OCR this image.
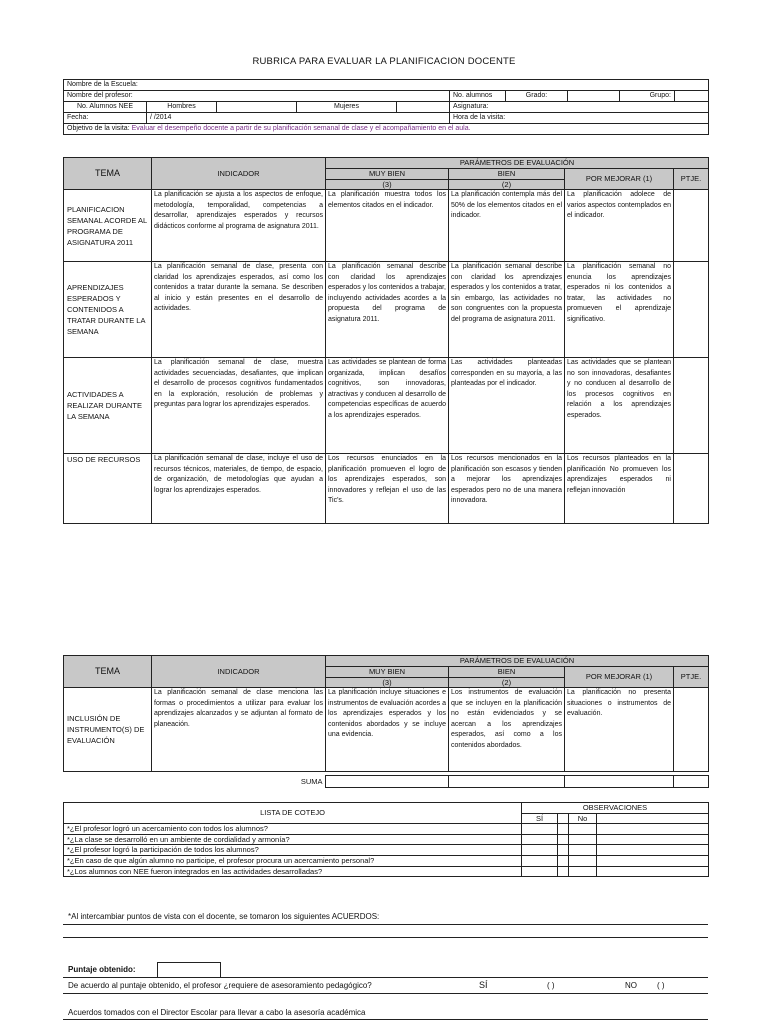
RUBRICA PARA EVALUAR LA PLANIFICACION DOCENTE
Nombre de la Escuela:									
Nombre del profesor:					No. alumnos	Grado:		Grupo:	
No. Alumnos NEE	Hombres		Mujeres		Asignatura:				
Fecha:	/ /2014				Hora de la visita:				
Objetivo de la visita: Evaluar el desempeño docente a partir de su planificación semanal de clase y el acompañamiento en el aula.									
TEMA	INDICADOR	PARÁMETROS DE EVALUACIÓN			
		MUY BIEN	BIEN	POR MEJORAR (1)	PTJE.
		(3)	(2)		
PLANIFICACION SEMANAL ACORDE AL PROGRAMA DE ASIGNATURA 2011	La planificación se ajusta a los aspectos de enfoque, metodología, temporalidad, competencias a desarrollar, aprendizajes esperados y recursos didácticos conforme al programa de asignatura 2011.	La planificación muestra todos los elementos citados en el indicador.	La planificación contempla más del 50% de los elementos citados en el indicador.	La planificación adolece de varios aspectos contemplados en el indicador.	
APRENDIZAJES ESPERADOS Y CONTENIDOS A TRATAR DURANTE LA SEMANA	La planificación semanal de clase, presenta con claridad los aprendizajes esperados, así como los contenidos a tratar durante la semana. Se describen al inicio y están presentes en el desarrollo de actividades.	La planificación semanal describe con claridad los aprendizajes esperados y los contenidos a trabajar, incluyendo actividades acordes a la propuesta del programa de asignatura 2011.	La planificación semanal describe con claridad los aprendizajes esperados y los contenidos a tratar, sin embargo, las actividades no son congruentes con la propuesta del programa de asignatura 2011.	La planificación semanal no enuncia los aprendizajes esperados ni los contenidos a tratar, las actividades no promueven el aprendizaje significativo.	
ACTIVIDADES A REALIZAR DURANTE LA SEMANA	La planificación semanal de clase, muestra actividades secuenciadas, desafiantes, que implican el desarrollo de procesos cognitivos fundamentados en la exploración, resolución de problemas y preguntas para lograr los aprendizajes esperados.	Las actividades se plantean de forma organizada, implican desafíos cognitivos, son innovadoras, atractivas y conducen al desarrollo de competencias específicas de acuerdo a los aprendizajes esperados.	Las actividades planteadas corresponden en su mayoría, a las planteadas por el indicador.	Las actividades que se plantean no son innovadoras, desafiantes y no conducen al desarrollo de los procesos cognitivos en relación a los aprendizajes esperados.	
USO DE RECURSOS	La planificación semanal de clase, incluye el uso de recursos técnicos, materiales, de tiempo, de espacio, de organización, de metodologías que ayudan a lograr los aprendizajes esperados.	Los recursos enunciados en la planificación promueven el logro de los aprendizajes esperados, son innovadores y reflejan el uso de las Tic's.	Los recursos mencionados en la planificación son escasos y tienden a mejorar los aprendizajes esperados pero no de una manera innovadora.	Los recursos planteados en la planificación No promueven los aprendizajes esperados ni reflejan innovación	
TEMA	INDICADOR	PARÁMETROS DE EVALUACIÓN			
		MUY BIEN	BIEN	POR MEJORAR (1)	PTJE.
		(3)	(2)		
INCLUSIÓN DE INSTRUMENTO(S) DE EVALUACIÓN	La planificación semanal de clase menciona las formas o procedimientos a utilizar para evaluar los aprendizajes alcanzados y se adjuntan al formato de planeación.	La planificación incluye situaciones e instrumentos de evaluación acordes a los aprendizajes esperados y los contenidos abordados y se incluye una evidencia.	Los instrumentos de evaluación que se incluyen en la planificación no están evidenciados y se acercan a los aprendizajes esperados, así como a los contenidos abordados.	La planificación no presenta situaciones o instrumentos de evaluación.	
SUMA				
LISTA DE COTEJO	OBSERVACIONES			
	SÍ		No	
*¿El profesor logró un acercamiento con todos los alumnos?				
*¿La clase se desarrolló en un ambiente de cordialidad y armonía?				
*¿El profesor logró la participación de todos los alumnos?				
*¿En caso de que algún alumno no participe, el profesor procura un acercamiento personal?				
*¿Los alumnos con NEE fueron integrados en las actividades desarrolladas?				
*Al intercambiar puntos de vista con el docente, se tomaron los siguientes ACUERDOS:
Puntaje obtenido:
De acuerdo al puntaje obtenido, el profesor ¿requiere de asesoramiento pedagógico?	SÍ	( )	NO	( )
Acuerdos tomados con el Director Escolar para llevar a cabo la asesoría académica
